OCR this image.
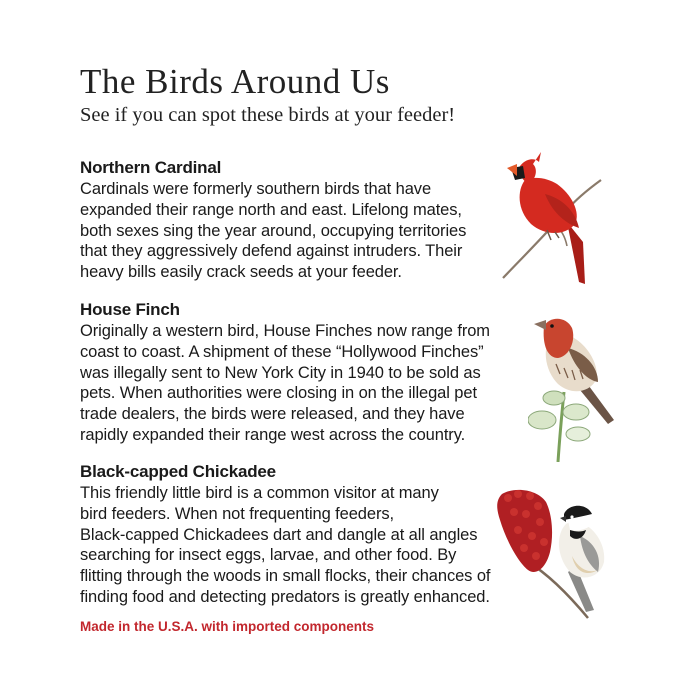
The Birds Around Us
See if you can spot these birds at your feeder!
Northern Cardinal

Cardinals were formerly southern birds that have

expanded their range north and east. Lifelong mates,

both sexes sing the year around, occupying territories

that they aggressively defend against intruders. Their

heavy bills easily crack seeds at your feeder.

House Finch

Originally a western bird, House Finches now range from

coast to coast. A shipment of these “Hollywood Finches”

was illegally sent to New York City in 1940 to be sold as

pets. When authorities were closing in on the illegal pet

trade dealers, the birds were released, and they have

rapidly expanded their range west across the country.

Black-capped Chickadee

This friendly little bird is a common visitor at many

bird feeders. When not frequenting feeders,

Black-capped Chickadees dart and dangle at all angles

searching for insect eggs, larvae, and other food. By

flitting through the woods in small flocks, their chances of

finding food and detecting predators is greatly enhanced.

Made in the U.S.A. with imported components
